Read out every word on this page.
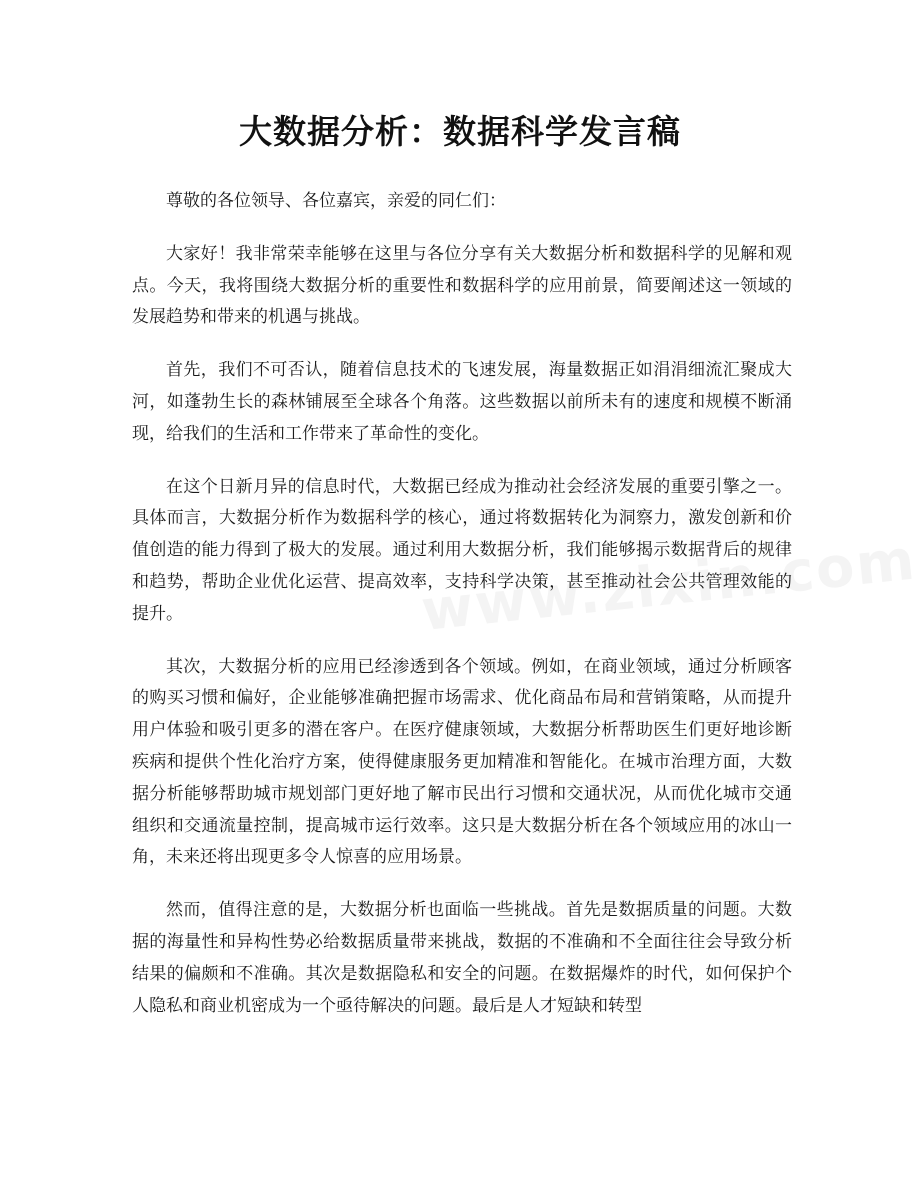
大数据分析：数据科学发言稿

尊敬的各位领导、各位嘉宾，亲爱的同仁们：

大家好！我非常荣幸能够在这里与各位分享有关大数据分析和数据科学的见解和观点。今天，我将围绕大数据分析的重要性和数据科学的应用前景，简要阐述这一领域的发展趋势和带来的机遇与挑战。

首先，我们不可否认，随着信息技术的飞速发展，海量数据正如涓涓细流汇聚成大河，如蓬勃生长的森林铺展至全球各个角落。这些数据以前所未有的速度和规模不断涌现，给我们的生活和工作带来了革命性的变化。

在这个日新月异的信息时代，大数据已经成为推动社会经济发展的重要引擎之一。具体而言，大数据分析作为数据科学的核心，通过将数据转化为洞察力，激发创新和价值创造的能力得到了极大的发展。通过利用大数据分析，我们能够揭示数据背后的规律和趋势，帮助企业优化运营、提高效率，支持科学决策，甚至推动社会公共管理效能的提升。

其次，大数据分析的应用已经渗透到各个领域。例如，在商业领域，通过分析顾客的购买习惯和偏好，企业能够准确把握市场需求、优化商品布局和营销策略，从而提升用户体验和吸引更多的潜在客户。在医疗健康领域，大数据分析帮助医生们更好地诊断疾病和提供个性化治疗方案，使得健康服务更加精准和智能化。在城市治理方面，大数据分析能够帮助城市规划部门更好地了解市民出行习惯和交通状况，从而优化城市交通组织和交通流量控制，提高城市运行效率。这只是大数据分析在各个领域应用的冰山一角，未来还将出现更多令人惊喜的应用场景。

然而，值得注意的是，大数据分析也面临一些挑战。首先是数据质量的问题。大数据的海量性和异构性势必给数据质量带来挑战，数据的不准确和不全面往往会导致分析结果的偏颇和不准确。其次是数据隐私和安全的问题。在数据爆炸的时代，如何保护个人隐私和商业机密成为一个亟待解决的问题。最后是人才短缺和转型
